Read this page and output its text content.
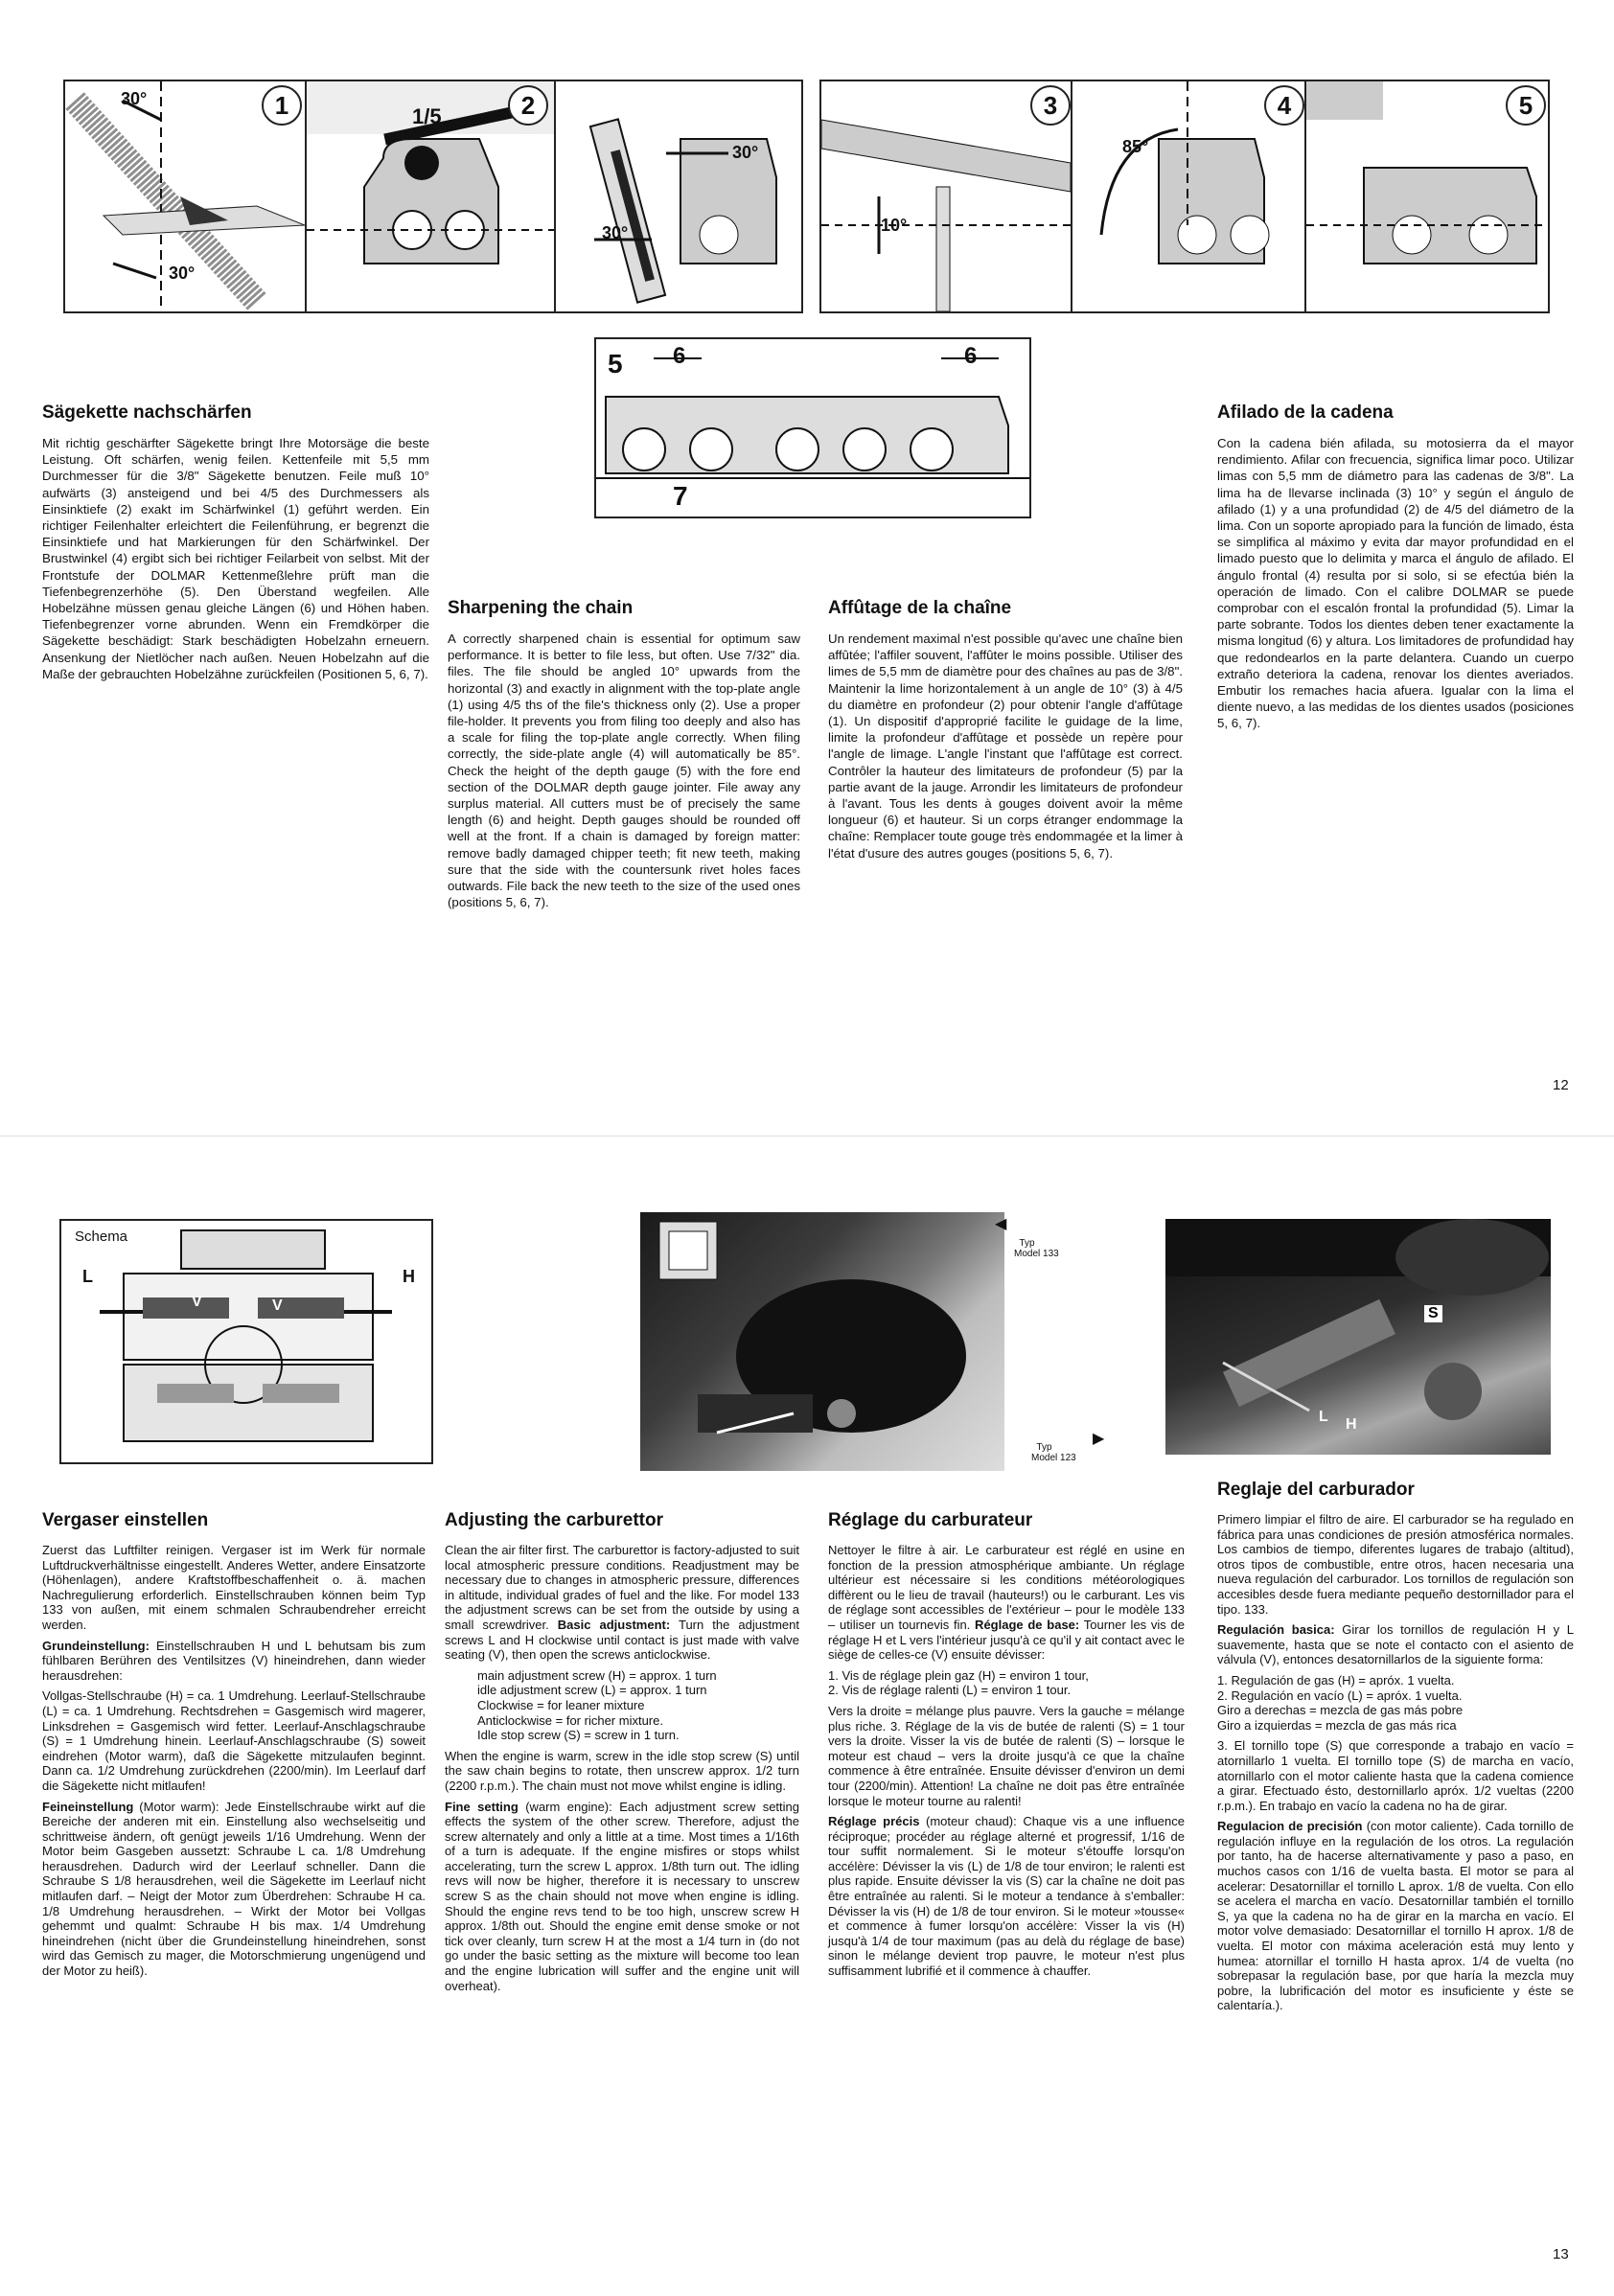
30°
30°
1	1/5	2
30°
30°	10°
3
85°
4	5
5 6	6
7
Sägekette nachschärfen

Mit richtig geschärfter Sägekette bringt Ihre Motorsäge die beste Leistung. Oft schärfen, wenig feilen. Kettenfeile mit 5,5 mm Durchmesser für die 3/8" Sägekette benutzen. Feile muß 10° aufwärts (3) ansteigend und bei 4/5 des Durchmessers als Einsinktiefe (2) exakt im Schärfwinkel (1) geführt werden. Ein richtiger Feilenhalter erleichtert die Feilenführung, er begrenzt die Einsinktiefe und hat Markierungen für den Schärfwinkel. Der Brustwinkel (4) ergibt sich bei richtiger Feilarbeit von selbst. Mit der Frontstufe der DOLMAR Kettenmeßlehre prüft man die Tiefenbegrenzerhöhe (5). Den Überstand wegfeilen. Alle Hobelzähne müssen genau gleiche Längen (6) und Höhen haben. Tiefenbegrenzer vorne abrunden. Wenn ein Fremdkörper die Sägekette beschädigt: Stark beschädigten Hobelzahn erneuern. Ansenkung der Nietlöcher nach außen. Neuen Hobelzahn auf die Maße der gebrauchten Hobelzähne zurückfeilen (Positionen 5, 6, 7).

Sharpening the chain

A correctly sharpened chain is essential for optimum saw performance. It is better to file less, but often. Use 7/32" dia. files. The file should be angled 10° upwards from the horizontal (3) and exactly in alignment with the top-plate angle (1) using 4/5 ths of the file's thickness only (2). Use a proper file-holder. It prevents you from filing too deeply and also has a scale for filing the top-plate angle correctly. When filing correctly, the side-plate angle (4) will automatically be 85°. Check the height of the depth gauge (5) with the fore end section of the DOLMAR depth gauge jointer. File away any surplus material. All cutters must be of precisely the same length (6) and height. Depth gauges should be rounded off well at the front. If a chain is damaged by foreign matter: remove badly damaged chipper teeth; fit new teeth, making sure that the side with the countersunk rivet holes faces outwards. File back the new teeth to the size of the used ones (positions 5, 6, 7).

Affûtage de la chaîne

Un rendement maximal n'est possible qu'avec une chaîne bien affûtée; l'affiler souvent, l'affûter le moins possible. Utiliser des limes de 5,5 mm de diamètre pour des chaînes au pas de 3/8". Maintenir la lime horizontalement à un angle de 10° (3) à 4/5 du diamètre en profondeur (2) pour obtenir l'angle d'affûtage (1). Un dispositif d'approprié facilite le guidage de la lime, limite la profondeur d'affûtage et possède un repère pour l'angle de limage. L'angle l'instant que l'affûtage est correct. Contrôler la hauteur des limitateurs de profondeur (5) par la partie avant de la jauge. Arrondir les limitateurs de profondeur à l'avant. Tous les dents à gouges doivent avoir la même longueur (6) et hauteur. Si un corps étranger endommage la chaîne: Remplacer toute gouge très endommagée et la limer à l'état d'usure des autres gouges (positions 5, 6, 7).

Afilado de la cadena

Con la cadena bién afilada, su motosierra da el mayor rendimiento. Afilar con frecuencia, significa limar poco. Utilizar limas con 5,5 mm de diámetro para las cadenas de 3/8". La lima ha de llevarse inclinada (3) 10° y según el ángulo de afilado (1) y a una profundidad (2) de 4/5 del diámetro de la lima. Con un soporte apropiado para la función de limado, ésta se simplifica al máximo y evita dar mayor profundidad en el limado puesto que lo delimita y marca el ángulo de afilado. El ángulo frontal (4) resulta por si solo, si se efectúa bién la operación de limado. Con el calibre DOLMAR se puede comprobar con el escalón frontal la profundidad (5). Limar la parte sobrante. Todos los dientes deben tener exactamente la misma longitud (6) y altura. Los limitadores de profundidad hay que redondearlos en la parte delantera. Cuando un cuerpo extraño deteriora la cadena, renovar los dientes averiados. Embutir los remaches hacia afuera. Igualar con la lima el diente nuevo, a las medidas de los dientes usados (posiciones 5, 6, 7).

12
Schema
L	H
V	V

◀

Typ
Model 133

Typ
Model 123

▶

S
L H
Vergaser einstellen

Zuerst das Luftfilter reinigen. Vergaser ist im Werk für normale Luftdruckverhältnisse eingestellt. Anderes Wetter, andere Einsatzorte (Höhenlagen), andere Kraftstoffbeschaffenheit o. ä. machen Nachregulierung erforderlich. Einstellschrauben können beim Typ 133 von außen, mit einem schmalen Schraubendreher erreicht werden.

Grundeinstellung: Einstellschrauben H und L behutsam bis zum fühlbaren Berühren des Ventilsitzes (V) hineindrehen, dann wieder herausdrehen:

Vollgas-Stellschraube (H) = ca. 1 Umdrehung. Leerlauf-Stellschraube (L) = ca. 1 Umdrehung. Rechtsdrehen = Gasgemisch wird magerer, Linksdrehen = Gasgemisch wird fetter. Leerlauf-Anschlagschraube (S) = 1 Umdrehung hinein. Leerlauf-Anschlagschraube (S) soweit eindrehen (Motor warm), daß die Sägekette mitzulaufen beginnt. Dann ca. 1/2 Umdrehung zurückdrehen (2200/min). Im Leerlauf darf die Sägekette nicht mitlaufen!

Feineinstellung (Motor warm): Jede Einstellschraube wirkt auf die Bereiche der anderen mit ein. Einstellung also wechselseitig und schrittweise ändern, oft genügt jeweils 1/16 Umdrehung. Wenn der Motor beim Gasgeben aussetzt: Schraube L ca. 1/8 Umdrehung herausdrehen. Dadurch wird der Leerlauf schneller. Dann die Schraube S 1/8 herausdrehen, weil die Sägekette im Leerlauf nicht mitlaufen darf. – Neigt der Motor zum Überdrehen: Schraube H ca. 1/8 Umdrehung herausdrehen. – Wirkt der Motor bei Vollgas gehemmt und qualmt: Schraube H bis max. 1/4 Umdrehung hineindrehen (nicht über die Grundeinstellung hineindrehen, sonst wird das Gemisch zu mager, die Motorschmierung ungenügend und der Motor zu heiß).

Adjusting the carburettor

Clean the air filter first. The carburettor is factory-adjusted to suit local atmospheric pressure conditions. Readjustment may be necessary due to changes in atmospheric pressure, differences in altitude, individual grades of fuel and the like. For model 133 the adjustment screws can be set from the outside by using a small screwdriver. Basic adjustment: Turn the adjustment screws L and H clockwise until contact is just made with valve seating (V), then open the screws anticlockwise.

main adjustment screw (H) = approx. 1 turn
idle adjustment screw (L) = approx. 1 turn
Clockwise = for leaner mixture
Anticlockwise = for richer mixture.
Idle stop screw (S) = screw in 1 turn.

When the engine is warm, screw in the idle stop screw (S) until the saw chain begins to rotate, then unscrew approx. 1/2 turn (2200 r.p.m.). The chain must not move whilst engine is idling.

Fine setting (warm engine): Each adjustment screw setting effects the system of the other screw. Therefore, adjust the screw alternately and only a little at a time. Most times a 1/16th of a turn is adequate. If the engine misfires or stops whilst accelerating, turn the screw L approx. 1/8th turn out. The idling revs will now be higher, therefore it is necessary to unscrew screw S as the chain should not move when engine is idling. Should the engine revs tend to be too high, unscrew screw H approx. 1/8th out. Should the engine emit dense smoke or not tick over cleanly, turn screw H at the most a 1/4 turn in (do not go under the basic setting as the mixture will become too lean and the engine lubrication will suffer and the engine unit will overheat).

Réglage du carburateur

Nettoyer le filtre à air. Le carburateur est réglé en usine en fonction de la pression atmosphérique ambiante. Un réglage ultérieur est nécessaire si les conditions météorologiques diffèrent ou le lieu de travail (hauteurs!) ou le carburant. Les vis de réglage sont accessibles de l'extérieur – pour le modèle 133 – utiliser un tournevis fin. Réglage de base: Tourner les vis de réglage H et L vers l'intérieur jusqu'à ce qu'il y ait contact avec le siège de celles-ce (V) ensuite dévisser:

1. Vis de réglage plein gaz (H) = environ 1 tour,
2. Vis de réglage ralenti (L) = environ 1 tour.

Vers la droite = mélange plus pauvre. Vers la gauche = mélange plus riche. 3. Réglage de la vis de butée de ralenti (S) = 1 tour vers la droite. Visser la vis de butée de ralenti (S) – lorsque le moteur est chaud – vers la droite jusqu'à ce que la chaîne commence à être entraînée. Ensuite dévisser d'environ un demi tour (2200/min). Attention! La chaîne ne doit pas être entraînée lorsque le moteur tourne au ralenti!

Réglage précis (moteur chaud): Chaque vis a une influence réciproque; procéder au réglage alterné et progressif, 1/16 de tour suffit normalement. Si le moteur s'étouffe lorsqu'on accélère: Dévisser la vis (L) de 1/8 de tour environ; le ralenti est plus rapide. Ensuite dévisser la vis (S) car la chaîne ne doit pas être entraînée au ralenti. Si le moteur a tendance à s'emballer: Dévisser la vis (H) de 1/8 de tour environ. Si le moteur »tousse« et commence à fumer lorsqu'on accélère: Visser la vis (H) jusqu'à 1/4 de tour maximum (pas au delà du réglage de base) sinon le mélange devient trop pauvre, le moteur n'est plus suffisamment lubrifié et il commence à chauffer.

Reglaje del carburador

Primero limpiar el filtro de aire. El carburador se ha regulado en fábrica para unas condiciones de presión atmosférica normales. Los cambios de tiempo, diferentes lugares de trabajo (altitud), otros tipos de combustible, entre otros, hacen necesaria una nueva regulación del carburador. Los tornillos de regulación son accesibles desde fuera mediante pequeño destornillador para el tipo. 133.

Regulación basica: Girar los tornillos de regulación H y L suavemente, hasta que se note el contacto con el asiento de válvula (V), entonces desatornillarlos de la siguiente forma:

1. Regulación de gas (H) = apróx. 1 vuelta.
2. Regulación en vacío (L) = apróx. 1 vuelta.
Giro a derechas = mezcla de gas más pobre
Giro a izquierdas = mezcla de gas más rica

3. El tornillo tope (S) que corresponde a trabajo en vacío = atornillarlo 1 vuelta. El tornillo tope (S) de marcha en vacío, atornillarlo con el motor caliente hasta que la cadena comience a girar. Efectuado ésto, destornillarlo apróx. 1/2 vueltas (2200 r.p.m.). En trabajo en vacío la cadena no ha de girar.

Regulacion de precisión (con motor caliente). Cada tornillo de regulación influye en la regulación de los otros. La regulación por tanto, ha de hacerse alternativamente y paso a paso, en muchos casos con 1/16 de vuelta basta. El motor se para al acelerar: Desatornillar el tornillo L aprox. 1/8 de vuelta. Con ello se acelera el marcha en vacío. Desatornillar también el tornillo S, ya que la cadena no ha de girar en la marcha en vacío. El motor volve demasiado: Desatornillar el tornillo H aprox. 1/8 de vuelta. El motor con máxima aceleración está muy lento y humea: atornillar el tornillo H hasta aprox. 1/4 de vuelta (no sobrepasar la regulación base, por que haría la mezcla muy pobre, la lubrificación del motor es insuficiente y éste se calentaría.).

13
